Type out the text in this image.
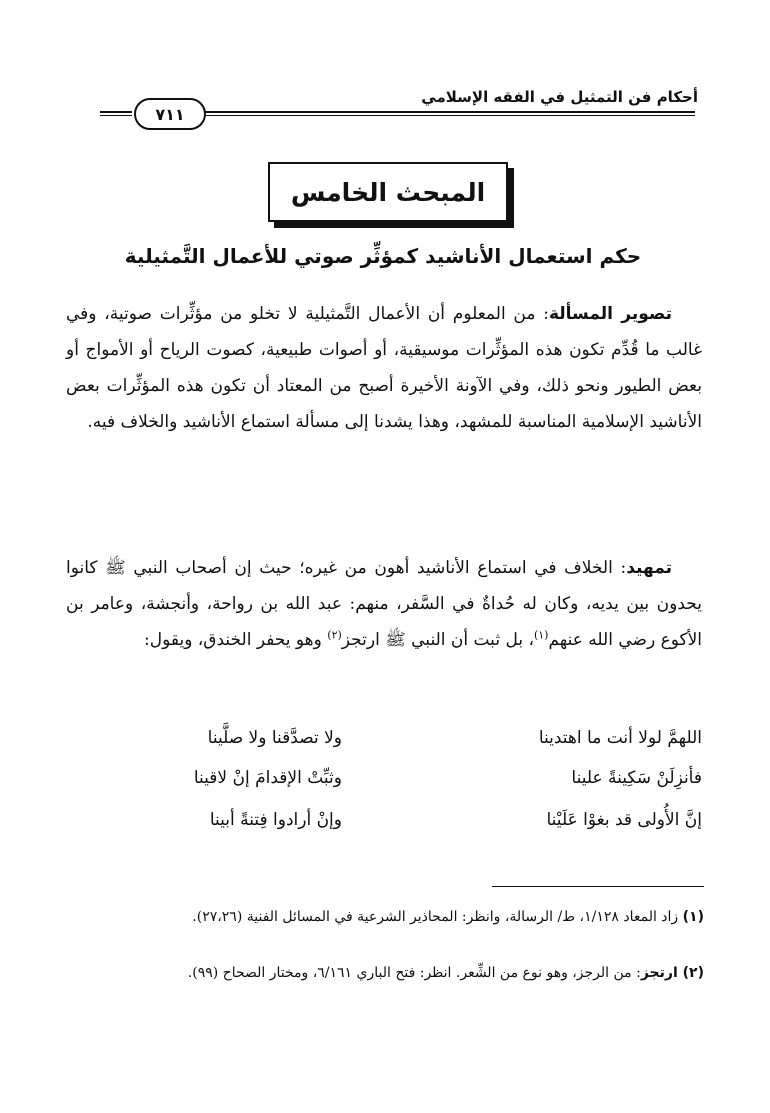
أحكام فن التمثيل في الفقه الإسلامي
٧١١
المبحث الخامس
حكم استعمال الأناشيد كمؤثِّر صوتي للأعمال التَّمثيلية
تصوير المسألة: من المعلوم أن الأعمال التَّمثيلية لا تخلو من مؤثِّرات صوتية، وفي غالب ما قُدِّم تكون هذه المؤثِّرات موسيقية، أو أصوات طبيعية، كصوت الرياح أو الأمواج أو بعض الطيور ونحو ذلك، وفي الآونة الأخيرة أصبح من المعتاد أن تكون هذه المؤثِّرات بعض الأناشيد الإسلامية المناسبة للمشهد، وهذا يشدنا إلى مسألة استماع الأناشيد والخلاف فيه.
تمهيد: الخلاف في استماع الأناشيد أهون من غيره؛ حيث إن أصحاب النبي ﷺ كانوا يحدون بين يديه، وكان له حُداةٌ في السَّفر، منهم: عبد الله بن رواحة، وأنجشة، وعامر بن الأكوع رضي الله عنهم$^{(١)}$، بل ثبت أن النبي ﷺ ارتجز$^{(٢)}$ وهو يحفر الخندق، ويقول:
اللهمَّ لولا أنت ما اهتدينا
ولا تصدَّقنا ولا صلَّينا
فأنزِلَنْ سَكِينةً علينا
وثبِّتْ الإقدامَ إنْ لاقينا
إنَّ الأُولى قد بغوْا عَلَيْنا
وإنْ أرادوا فِتنةً أبينا
(١) زاد المعاد ١/١٢٨، ط/ الرسالة، وانظر: المحاذير الشرعية في المسائل الفنية (٢٧،٢٦).
(٢) ارتجز: من الرجز، وهو نوع من الشِّعر. انظر: فتح الباري ٦/١٦١، ومختار الصحاح (٩٩).
